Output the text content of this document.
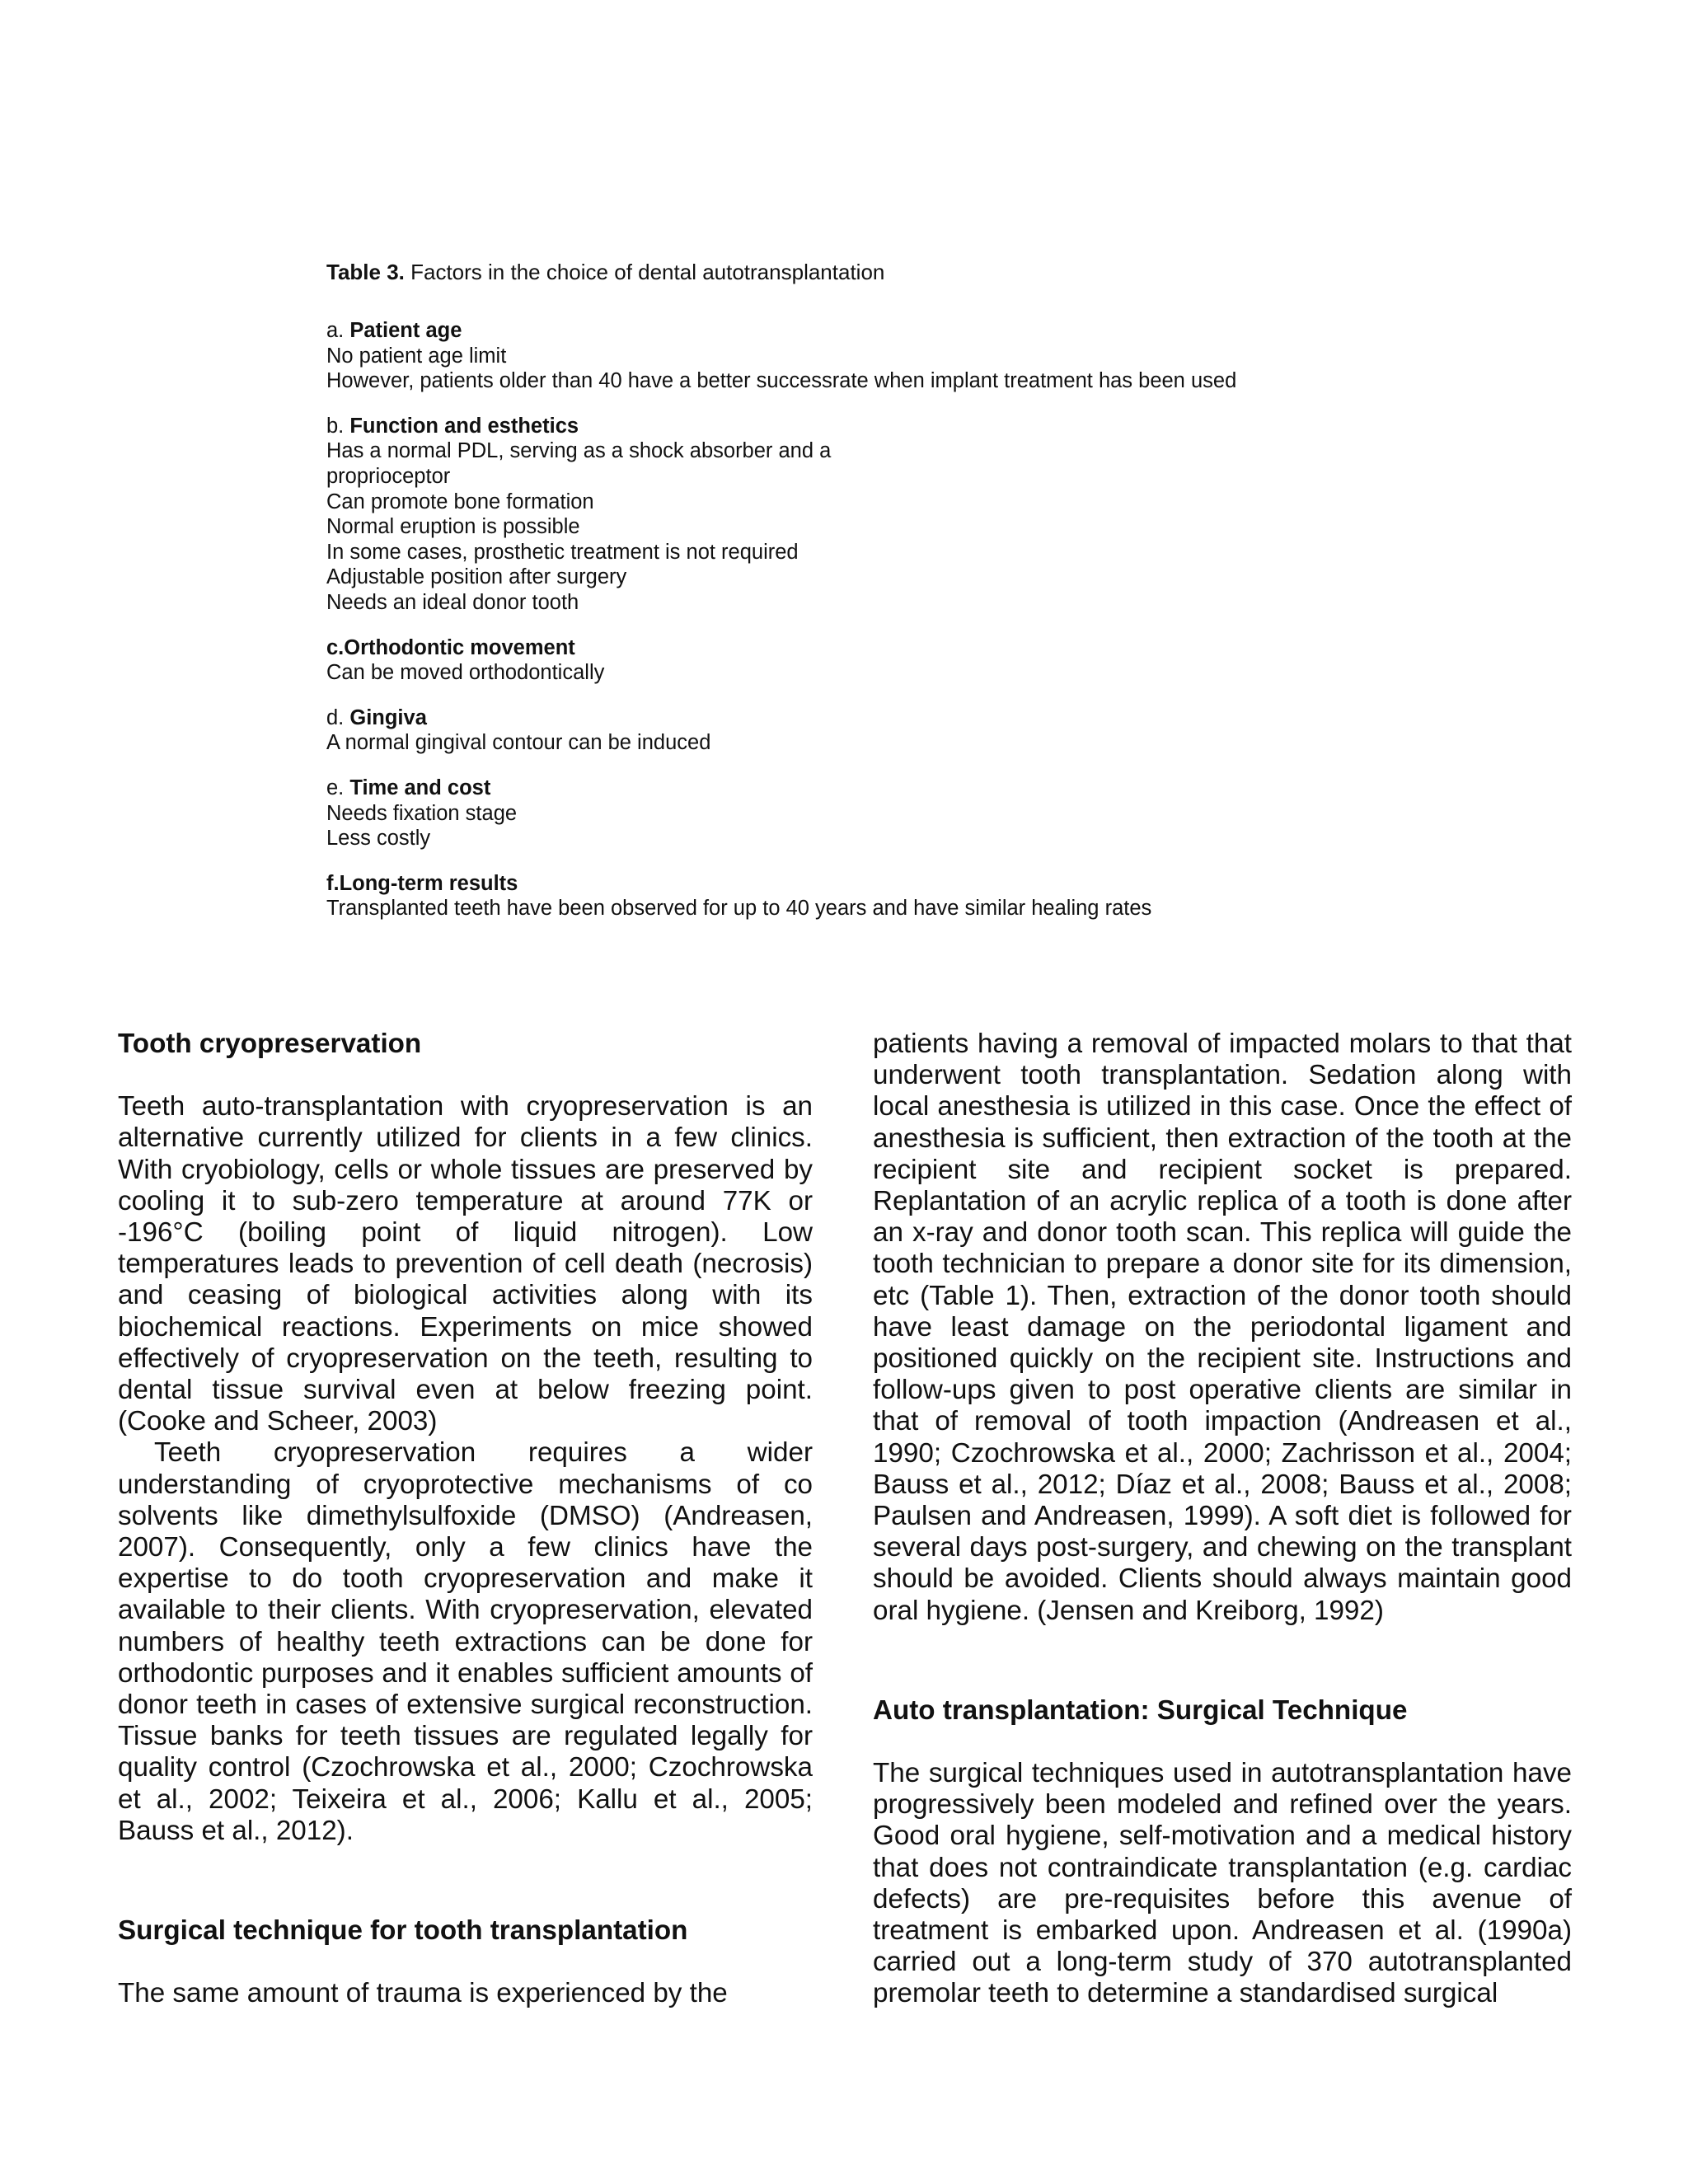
Table 3. Factors in the choice of dental autotransplantation
a. Patient age
No patient age limit
However, patients older than 40 have a better successrate when implant treatment has been used
b. Function and esthetics
Has a normal PDL, serving as a shock absorber and a
proprioceptor
Can promote bone formation
Normal eruption is possible
In some cases, prosthetic treatment is not required
Adjustable position after surgery
Needs an ideal donor tooth
c.Orthodontic movement
Can be moved orthodontically
d. Gingiva
A normal gingival contour can be induced
e. Time and cost
Needs fixation stage
Less costly
f.Long-term results
Transplanted teeth have been observed for up to 40 years and have similar healing rates
Tooth cryopreservation

Teeth auto-transplantation with cryopreservation is an alternative currently utilized for clients in a few clinics. With cryobiology, cells or whole tissues are preserved by cooling it to sub-zero temperature at around 77K or -196°C (boiling point of liquid nitrogen). Low temperatures leads to prevention of cell death (necrosis) and ceasing of biological activities along with its biochemical reactions. Experiments on mice showed effectively of cryopreservation on the teeth, resulting to dental tissue survival even at below freezing point. (Cooke and Scheer, 2003)

Teeth cryopreservation requires a wider understanding of cryoprotective mechanisms of co solvents like dimethylsulfoxide (DMSO) (Andreasen, 2007). Consequently, only a few clinics have the expertise to do tooth cryopreservation and make it available to their clients. With cryopreservation, elevated numbers of healthy teeth extractions can be done for orthodontic purposes and it enables sufficient amounts of donor teeth in cases of extensive surgical reconstruction. Tissue banks for teeth tissues are regulated legally for quality control (Czochrowska et al., 2000; Czochrowska et al., 2002; Teixeira et al., 2006; Kallu et al., 2005; Bauss et al., 2012).

Surgical technique for tooth transplantation

The same amount of trauma is experienced by the

patients having a removal of impacted molars to that that underwent tooth transplantation. Sedation along with local anesthesia is utilized in this case. Once the effect of anesthesia is sufficient, then extraction of the tooth at the recipient site and recipient socket is prepared. Replantation of an acrylic replica of a tooth is done after an x-ray and donor tooth scan. This replica will guide the tooth technician to prepare a donor site for its dimension, etc (Table 1). Then, extraction of the donor tooth should have least damage on the periodontal ligament and positioned quickly on the recipient site. Instructions and follow-ups given to post operative clients are similar in that of removal of tooth impaction (Andreasen et al., 1990; Czochrowska et al., 2000; Zachrisson et al., 2004; Bauss et al., 2012; Díaz et al., 2008; Bauss et al., 2008; Paulsen and Andreasen, 1999). A soft diet is followed for several days post-surgery, and chewing on the transplant should be avoided. Clients should always maintain good oral hygiene. (Jensen and Kreiborg, 1992)

Auto transplantation: Surgical Technique

The surgical techniques used in autotransplantation have progressively been modeled and refined over the years. Good oral hygiene, self-motivation and a medical history that does not contraindicate transplantation (e.g. cardiac defects) are pre-requisites before this avenue of treatment is embarked upon. Andreasen et al. (1990a) carried out a long-term study of 370 autotransplanted premolar teeth to determine a standardised surgical
